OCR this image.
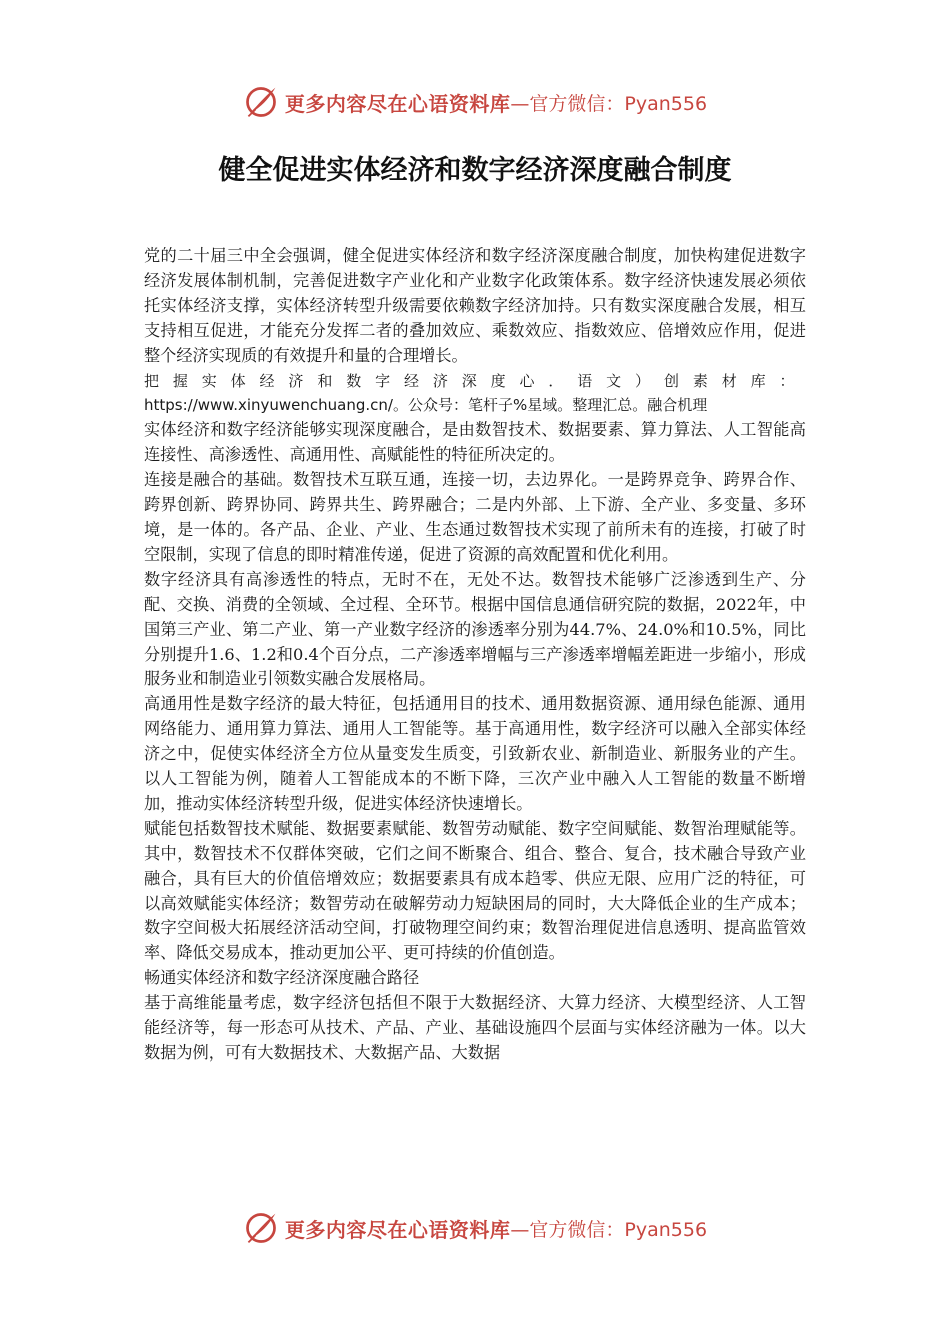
更多内容尽在心语资料库 —官方微信：Pyan556
健全促进实体经济和数字经济深度融合制度

党的二十届三中全会强调，健全促进实体经济和数字经济深度融合制度，加快构建促进数字经济发展体制机制，完善促进数字产业化和产业数字化政策体系。数字经济快速发展必须依托实体经济支撑，实体经济转型升级需要依赖数字经济加持。只有数实深度融合发展，相互支持相互促进，才能充分发挥二者的叠加效应、乘数效应、指数效应、倍增效应作用，促进整个经济实现质的有效提升和量的合理增长。

把握实体经济和数字经济深度心．语文）创素材库： https://www.xinyuwenchuang.cn/。公众号：笔杆子%星域。整理汇总。融合机理

实体经济和数字经济能够实现深度融合，是由数智技术、数据要素、算力算法、人工智能高连接性、高渗透性、高通用性、高赋能性的特征所决定的。

连接是融合的基础。数智技术互联互通，连接一切，去边界化。一是跨界竞争、跨界合作、跨界创新、跨界协同、跨界共生、跨界融合；二是内外部、上下游、全产业、多变量、多环境，是一体的。各产品、企业、产业、生态通过数智技术实现了前所未有的连接，打破了时空限制，实现了信息的即时精准传递，促进了资源的高效配置和优化利用。

数字经济具有高渗透性的特点，无时不在，无处不达。数智技术能够广泛渗透到生产、分配、交换、消费的全领域、全过程、全环节。根据中国信息通信研究院的数据，2022年，中国第三产业、第二产业、第一产业数字经济的渗透率分别为44.7%、24.0%和10.5%，同比分别提升1.6、1.2和0.4个百分点，二产渗透率增幅与三产渗透率增幅差距进一步缩小，形成服务业和制造业引领数实融合发展格局。

高通用性是数字经济的最大特征，包括通用目的技术、通用数据资源、通用绿色能源、通用网络能力、通用算力算法、通用人工智能等。基于高通用性，数字经济可以融入全部实体经济之中，促使实体经济全方位从量变发生质变，引致新农业、新制造业、新服务业的产生。以人工智能为例，随着人工智能成本的不断下降，三次产业中融入人工智能的数量不断增加，推动实体经济转型升级，促进实体经济快速增长。

赋能包括数智技术赋能、数据要素赋能、数智劳动赋能、数字空间赋能、数智治理赋能等。其中，数智技术不仅群体突破，它们之间不断聚合、组合、整合、复合，技术融合导致产业融合，具有巨大的价值倍增效应；数据要素具有成本趋零、供应无限、应用广泛的特征，可以高效赋能实体经济；数智劳动在破解劳动力短缺困局的同时，大大降低企业的生产成本；数字空间极大拓展经济活动空间，打破物理空间约束；数智治理促进信息透明、提高监管效率、降低交易成本，推动更加公平、更可持续的价值创造。

畅通实体经济和数字经济深度融合路径

基于高维能量考虑，数字经济包括但不限于大数据经济、大算力经济、大模型经济、人工智能经济等，每一形态可从技术、产品、产业、基础设施四个层面与实体经济融为一体。以大数据为例，可有大数据技术、大数据产品、大数据

更多内容尽在心语资料库 —官方微信：Pyan556
